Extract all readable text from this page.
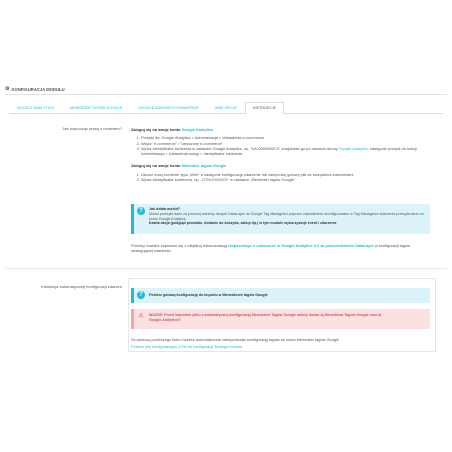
⚙ KONFIGURACJA MODUŁU
GOOGLE ANALYTICS	MENEDŻER TAGÓW GOOGLE	GOOGLE ADWORDS KONWERSJE	INNE OPCJE	INSTRUKCJE
Jak rozpocząć pracę z modułem? Zaloguj się na swoje konto Google Analytics
1. Przejdź do: Google Analytics > Administracja > Ustawienia e-commerce
2. Włącz "e-commerce" i "ulepszony e-commerce".
3. Wpisz identyfikator śledzenia w zakładce Google Analytics, np. "UA-00000000-0" znajdziesz go po otwarciu strony Google Analytics, następnie przejdź do sekcji Administracja > Ustawienia usługi > Identyfikator śledzenia
Zaloguj się na swoje konto Menedżer tagów Google
1. Utwórz nowy kontener typu „Web" a następnie konfigurację zdarzenie lub zaimportuj gotowy plik ze wszystkimi zdarzeniami
2. Wpisz identyfikator kontenera, np. „GTM-XXXXXX" w zakładce „Menedżer tagów Google"
?	Jak działa moduł?
Moduł przesyła dane za pomocą warstwy danych DataLayer do Google Tag Managera i poprzez odpowiednio skonfigurowane w Tag Managerze zdarzenia przesyła dane na konto Google Analytics.
Każda akcja (podgląd produktu, dodanie do koszyka, zakup itp.) w tym module wykorzystuje event / zdarzenie
Prosimy również zapoznać się z oficjalną dokumentacją ulepszonego e-commerce w Google Analytics 3.0 za pośrednictwem DataLayer w konfiguracji tagów obsługującej zdarzenia.
Instrukcja automatycznej konfiguracji zdarzeń
?	Pobierz gotową konfigurację do importu w Menedżerze tagów Google
⚠	WAŻNE: Przed importem pliku z automatyczną konfiguracją Menedżera Tagów Google należy dodać tą Menedżera Tagów Google oraz id Google Analytics!!
Za pomocą poniższego linku możesz automatycznie zaimportować konfigurację tagów do konta Menedżer tagów Google
Pobierz plik konfiguracyjny GTM do konfiguracji Twojego modułu
